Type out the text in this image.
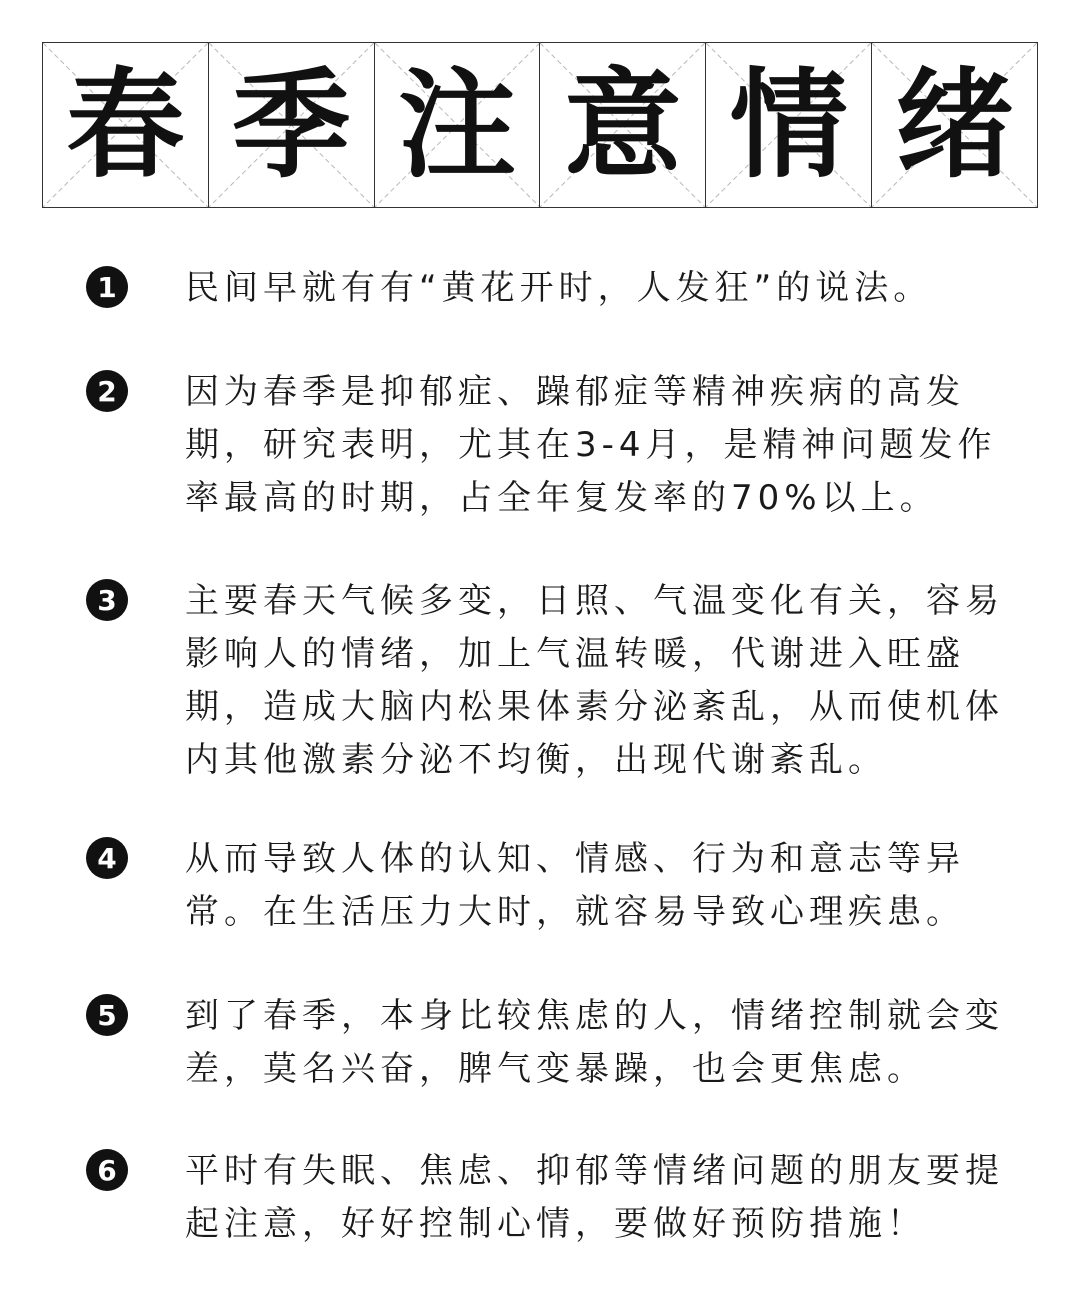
春 季 注 意 情 绪
1	民间早就有有“黄花开时，人发狂”的说法。
2	因为春季是抑郁症、躁郁症等精神疾病的高发期，研究表明，尤其在3-4月，是精神问题发作率最高的时期，占全年复发率的70%以上。
3	主要春天气候多变，日照、气温变化有关，容易影响人的情绪，加上气温转暖，代谢进入旺盛期，造成大脑内松果体素分泌紊乱，从而使机体内其他激素分泌不均衡，出现代谢紊乱。
4	从而导致人体的认知、情感、行为和意志等异常。在生活压力大时，就容易导致心理疾患。
5	到了春季，本身比较焦虑的人，情绪控制就会变差，莫名兴奋，脾气变暴躁，也会更焦虑。
6	平时有失眠、焦虑、抑郁等情绪问题的朋友要提起注意，好好控制心情，要做好预防措施！
